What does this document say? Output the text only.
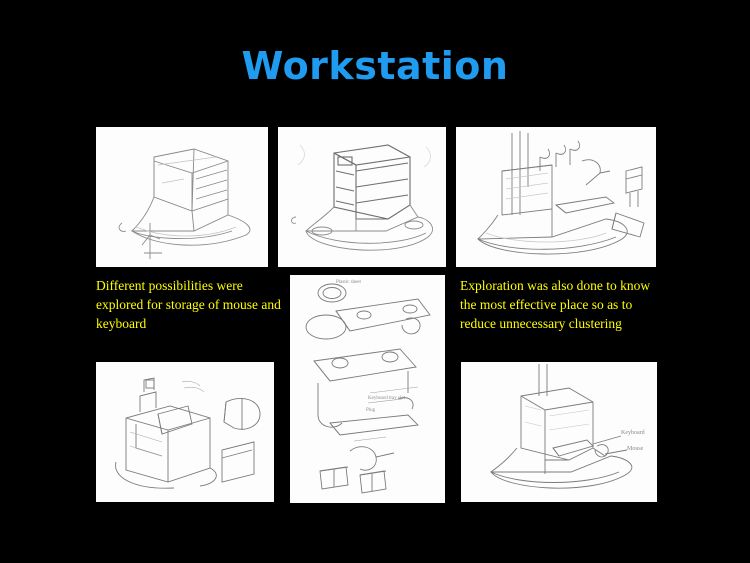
Workstation
Different possibilities were explored for storage of mouse and keyboard
Exploration was also done to know the most effective place so as to reduce unnecessary clustering
Plastic sheet
Keyboard tray slot
Plug
Keyboard
Mouse
